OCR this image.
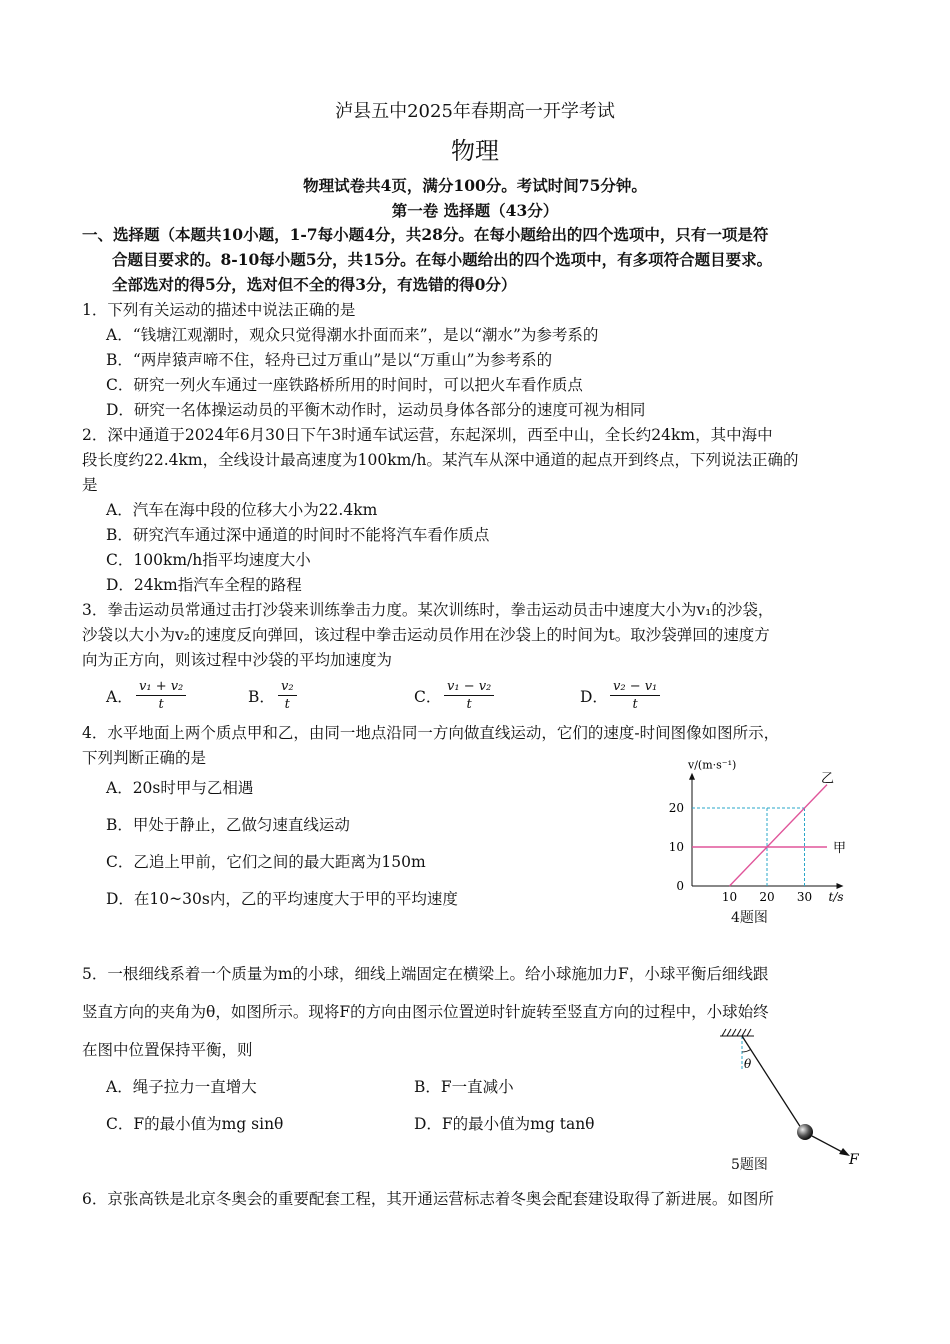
泸县五中2025年春期高一开学考试
物理
物理试卷共4页，满分100分。考试时间75分钟。
第一卷 选择题（43分）
一、选择题（本题共10小题，1-7每小题4分，共28分。在每小题给出的四个选项中，只有一项是符
合题目要求的。8-10每小题5分，共15分。在每小题给出的四个选项中，有多项符合题目要求。
全部选对的得5分，选对但不全的得3分，有选错的得0分）
1．下列有关运动的描述中说法正确的是
A．“钱塘江观潮时，观众只觉得潮水扑面而来”，是以“潮水”为参考系的
B．“两岸猿声啼不住，轻舟已过万重山”是以“万重山”为参考系的
C．研究一列火车通过一座铁路桥所用的时间时，可以把火车看作质点
D．研究一名体操运动员的平衡木动作时，运动员身体各部分的速度可视为相同
2．深中通道于2024年6月30日下午3时通车试运营，东起深圳，西至中山，全长约24km，其中海中
段长度约22.4km，全线设计最高速度为100km/h。某汽车从深中通道的起点开到终点，下列说法正确的
是
A．汽车在海中段的位移大小为22.4km
B．研究汽车通过深中通道的时间时不能将汽车看作质点
C．100km/h指平均速度大小
D．24km指汽车全程的路程
3．拳击运动员常通过击打沙袋来训练拳击力度。某次训练时，拳击运动员击中速度大小为v₁的沙袋，
沙袋以大小为v₂的速度反向弹回，该过程中拳击运动员作用在沙袋上的时间为t。取沙袋弹回的速度方
向为正方向，则该过程中沙袋的平均加速度为
A． $\frac{\text{v₁ + v₂}}{t}$	B． $\frac{\text{v₂}}{t}$	C． $\frac{\text{v₁ − v₂}}{t}$	D． $\frac{\text{v₂ − v₁}}{t}$
4．水平地面上两个质点甲和乙，由同一地点沿同一方向做直线运动，它们的速度-时间图像如图所示，
下列判断正确的是
A．20s时甲与乙相遇
B．甲处于静止，乙做匀速直线运动
C．乙追上甲前，它们之间的最大距离为150m
D．在10~30s内，乙的平均速度大于甲的平均速度	t/s
v/(m·s⁻¹)
10 20 30
0
10
20
甲
乙
4题图
5．一根细线系着一个质量为m的小球，细线上端固定在横梁上。给小球施加力F，小球平衡后细线跟
竖直方向的夹角为θ，如图所示。现将F的方向由图示位置逆时针旋转至竖直方向的过程中，小球始终
在图中位置保持平衡，则
A．绳子拉力一直增大	B．F一直减小
C．F的最小值为mg sinθ	D．F的最小值为mg tanθ
θ
F
5题图
6．京张高铁是北京冬奥会的重要配套工程，其开通运营标志着冬奥会配套建设取得了新进展。如图所
